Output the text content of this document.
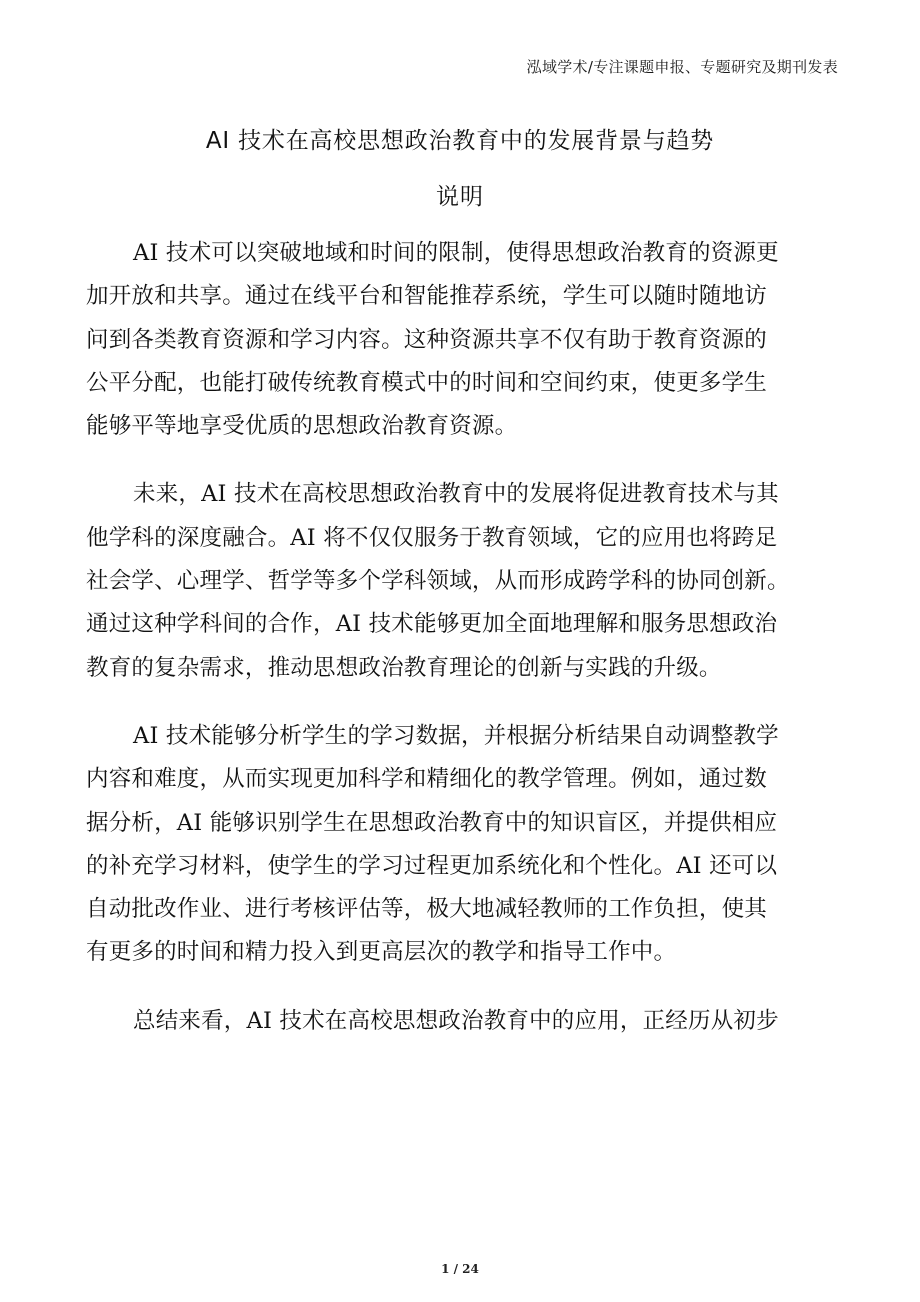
泓域学术/专注课题申报、专题研究及期刊发表
AI 技术在高校思想政治教育中的发展背景与趋势
说明
AI 技术可以突破地域和时间的限制，使得思想政治教育的资源更
加开放和共享。通过在线平台和智能推荐系统，学生可以随时随地访
问到各类教育资源和学习内容。这种资源共享不仅有助于教育资源的
公平分配，也能打破传统教育模式中的时间和空间约束，使更多学生
能够平等地享受优质的思想政治教育资源。
未来，AI 技术在高校思想政治教育中的发展将促进教育技术与其
他学科的深度融合。AI 将不仅仅服务于教育领域，它的应用也将跨足
社会学、心理学、哲学等多个学科领域，从而形成跨学科的协同创新。
通过这种学科间的合作，AI 技术能够更加全面地理解和服务思想政治
教育的复杂需求，推动思想政治教育理论的创新与实践的升级。
AI 技术能够分析学生的学习数据，并根据分析结果自动调整教学
内容和难度，从而实现更加科学和精细化的教学管理。例如，通过数
据分析，AI 能够识别学生在思想政治教育中的知识盲区，并提供相应
的补充学习材料，使学生的学习过程更加系统化和个性化。AI 还可以
自动批改作业、进行考核评估等，极大地减轻教师的工作负担，使其
有更多的时间和精力投入到更高层次的教学和指导工作中。
总结来看，AI 技术在高校思想政治教育中的应用，正经历从初步
1 / 24
